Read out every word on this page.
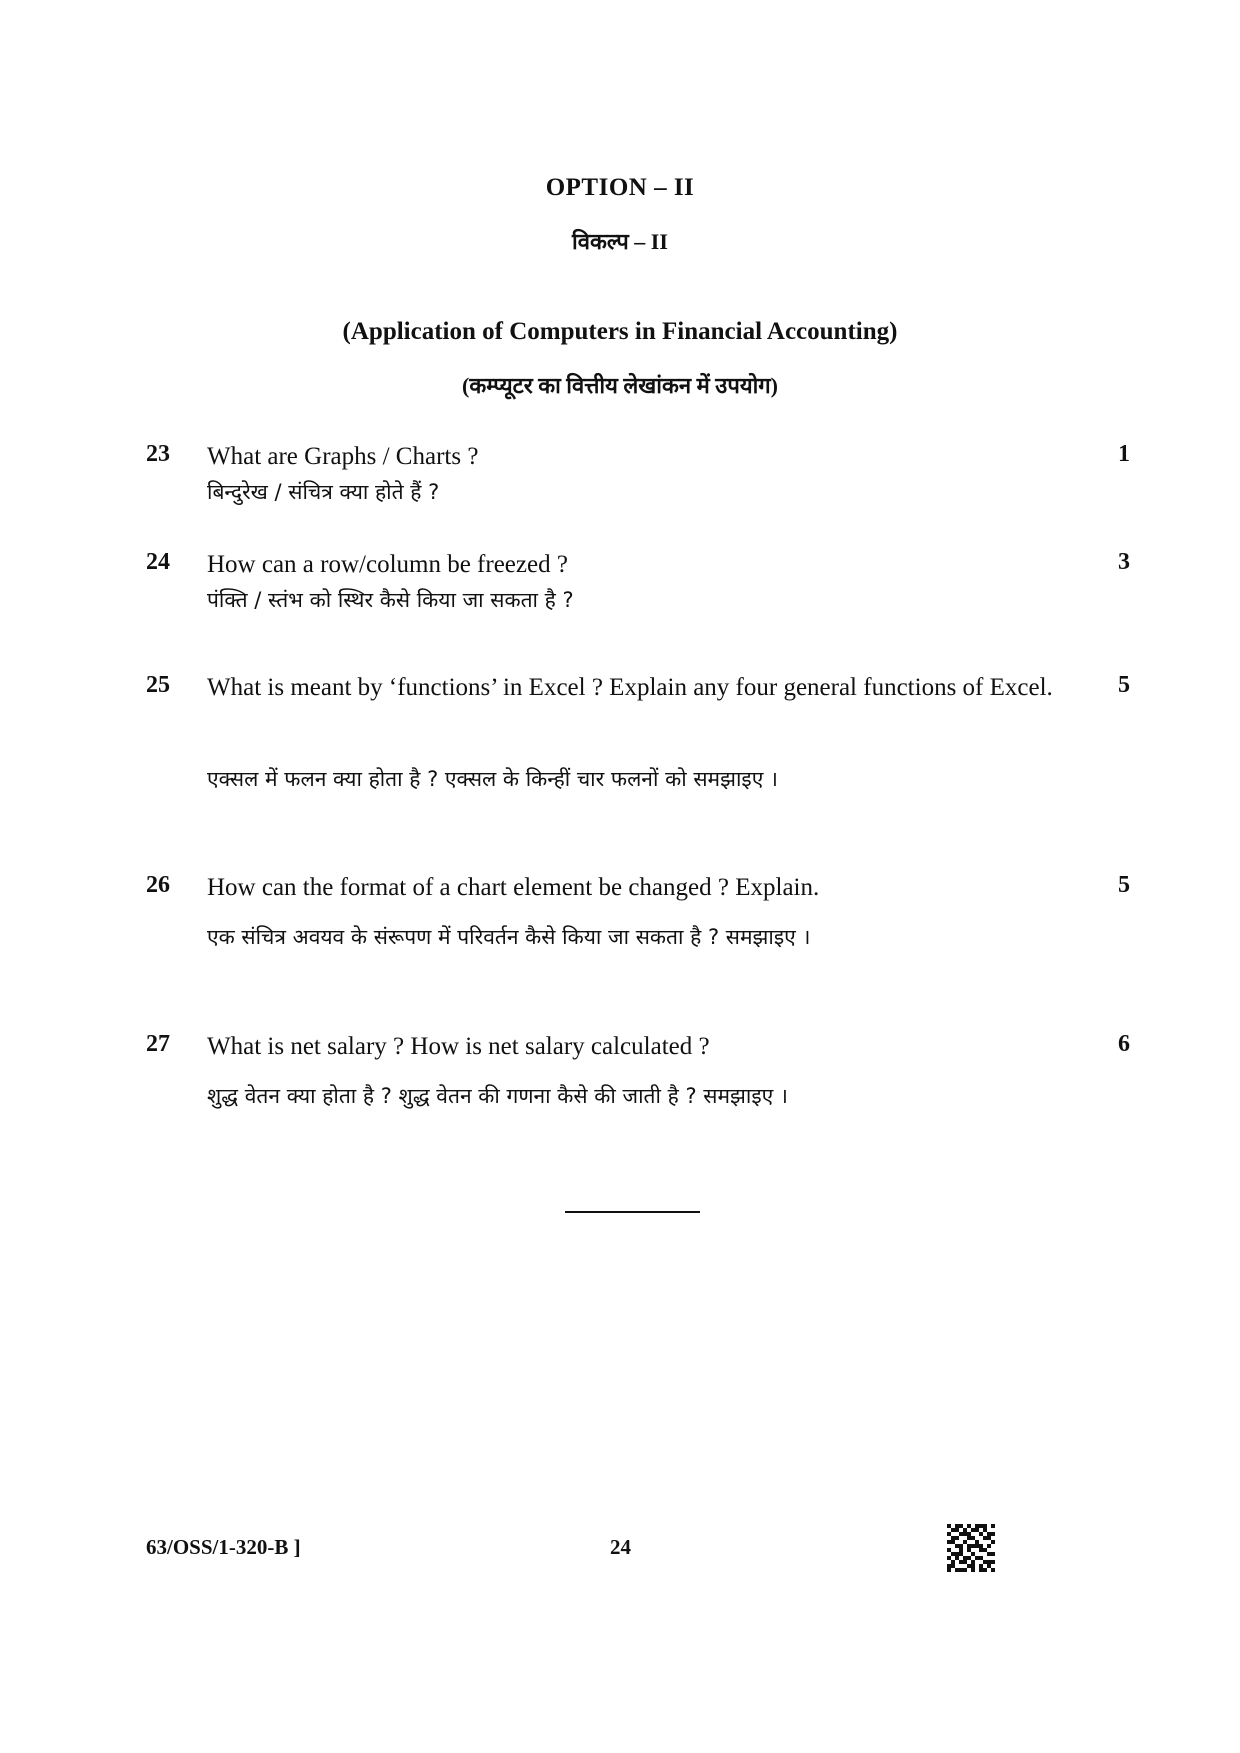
OPTION – II
विकल्प – II
(Application of Computers in Financial Accounting)
(कम्प्यूटर का वित्तीय लेखांकन में उपयोग)
23	What are Graphs / Charts ?
बिन्दुरेख / संचित्र क्या होते हैं ?
1
24	How can a row/column be freezed ?
पंक्ति / स्तंभ को स्थिर कैसे किया जा सकता है ?
3
25	What is meant by ‘functions’ in Excel ? Explain any four general functions of Excel.
एक्सल में फलन क्या होता है ? एक्सल के किन्हीं चार फलनों को समझाइए ।
5
26	How can the format of a chart element be changed ? Explain.
एक संचित्र अवयव के संरूपण में परिवर्तन कैसे किया जा सकता है ? समझाइए ।
5
27	What is net salary ? How is net salary calculated ?
शुद्ध वेतन क्या होता है ? शुद्ध वेतन की गणना कैसे की जाती है ? समझाइए ।
6
63/OSS/1-320-B ]	24
